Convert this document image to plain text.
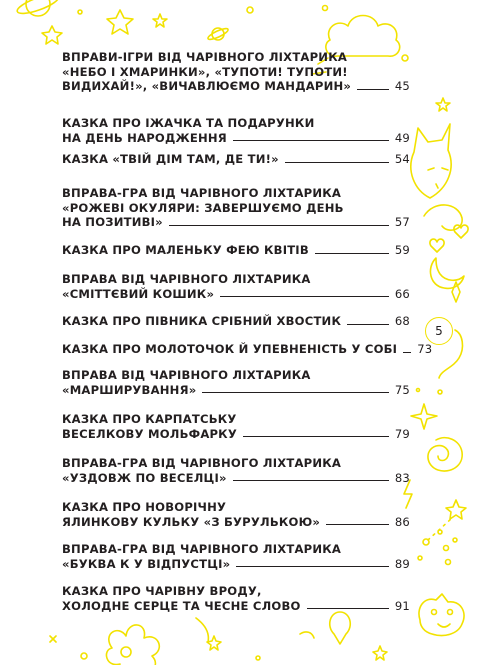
ВПРАВИ-ІГРИ ВІД ЧАРІВНОГО ЛІХТАРИКА
«НЕБО І ХМАРИНКИ», «ТУПОТИ! ТУПОТИ!
ВИДИХАЙ!», «ВИЧАВЛЮЄМО МАНДАРИН»	45
КАЗКА ПРО ІЖАЧКА ТА ПОДАРУНКИ
НА ДЕНЬ НАРОДЖЕННЯ	49
КАЗКА «ТВІЙ ДІМ ТАМ, ДЕ ТИ!»	54
ВПРАВА-ГРА ВІД ЧАРІВНОГО ЛІХТАРИКА
«РОЖЕВІ ОКУЛЯРИ: ЗАВЕРШУЄМО ДЕНЬ
НА ПОЗИТИВІ»	57
КАЗКА ПРО МАЛЕНЬКУ ФЕЮ КВІТІВ	59
ВПРАВА ВІД ЧАРІВНОГО ЛІХТАРИКА
«СМІТТЄВИЙ КОШИК»	66
КАЗКА ПРО ПІВНИКА СРІБНИЙ ХВОСТИК	68
КАЗКА ПРО МОЛОТОЧОК Й УПЕВНЕНІСТЬ У СОБІ 73
ВПРАВА ВІД ЧАРІВНОГО ЛІХТАРИКА
«МАРШИРУВАННЯ»	75
КАЗКА ПРО КАРПАТСЬКУ
ВЕСЕЛКОВУ МОЛЬФАРКУ	79
ВПРАВА-ГРА ВІД ЧАРІВНОГО ЛІХТАРИКА
«УЗДОВЖ ПО ВЕСЕЛЦІ»	83
КАЗКА ПРО НОВОРІЧНУ
ЯЛИНКОВУ КУЛЬКУ «З БУРУЛЬКОЮ»	86
ВПРАВА-ГРА ВІД ЧАРІВНОГО ЛІХТАРИКА
«БУКВА К У ВІДПУСТЦІ»	89
КАЗКА ПРО ЧАРІВНУ ВРОДУ,
ХОЛОДНЕ СЕРЦЕ ТА ЧЕСНЕ СЛОВО	91
5
